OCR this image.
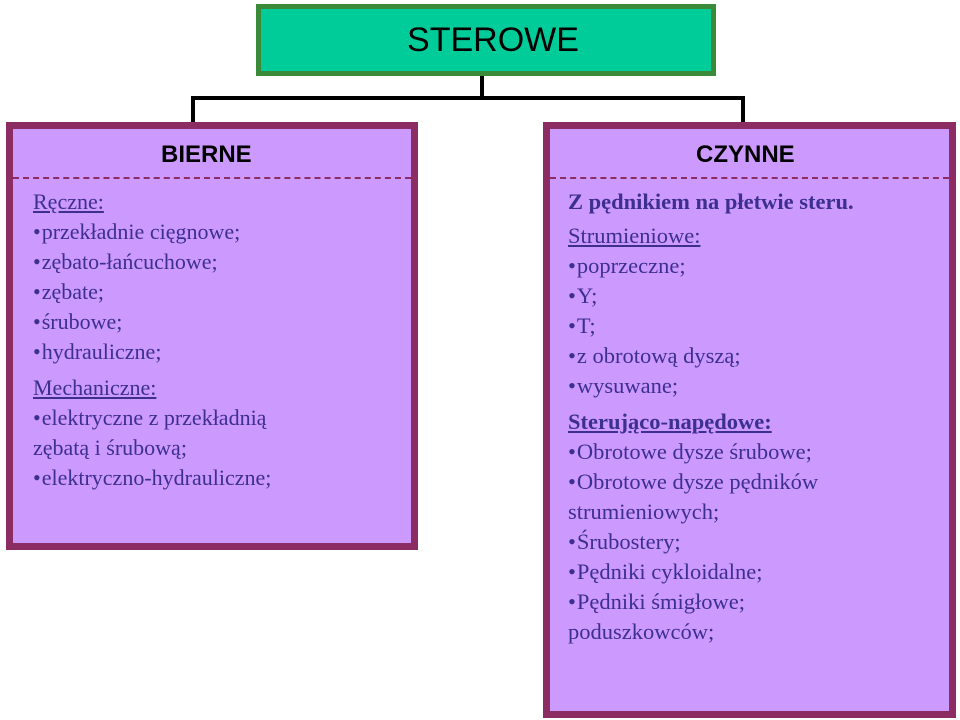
STEROWE
BIERNE
Ręczne:
• przekładnie cięgnowe;
• zębato-łańcuchowe;
• zębate;
• śrubowe;
• hydrauliczne;
Mechaniczne:
• elektryczne z przekładnią
zębatą i śrubową;
• elektryczno-hydrauliczne;
CZYNNE
Z pędnikiem na płetwie steru.
Strumieniowe:
• poprzeczne;
• Y;
• T;
• z obrotową dyszą;
• wysuwane;
Sterująco-napędowe:
• Obrotowe dysze śrubowe;
• Obrotowe dysze pędników
strumieniowych;
• Śrubostery;
• Pędniki cykloidalne;
• Pędniki śmigłowe;
poduszkowców;
